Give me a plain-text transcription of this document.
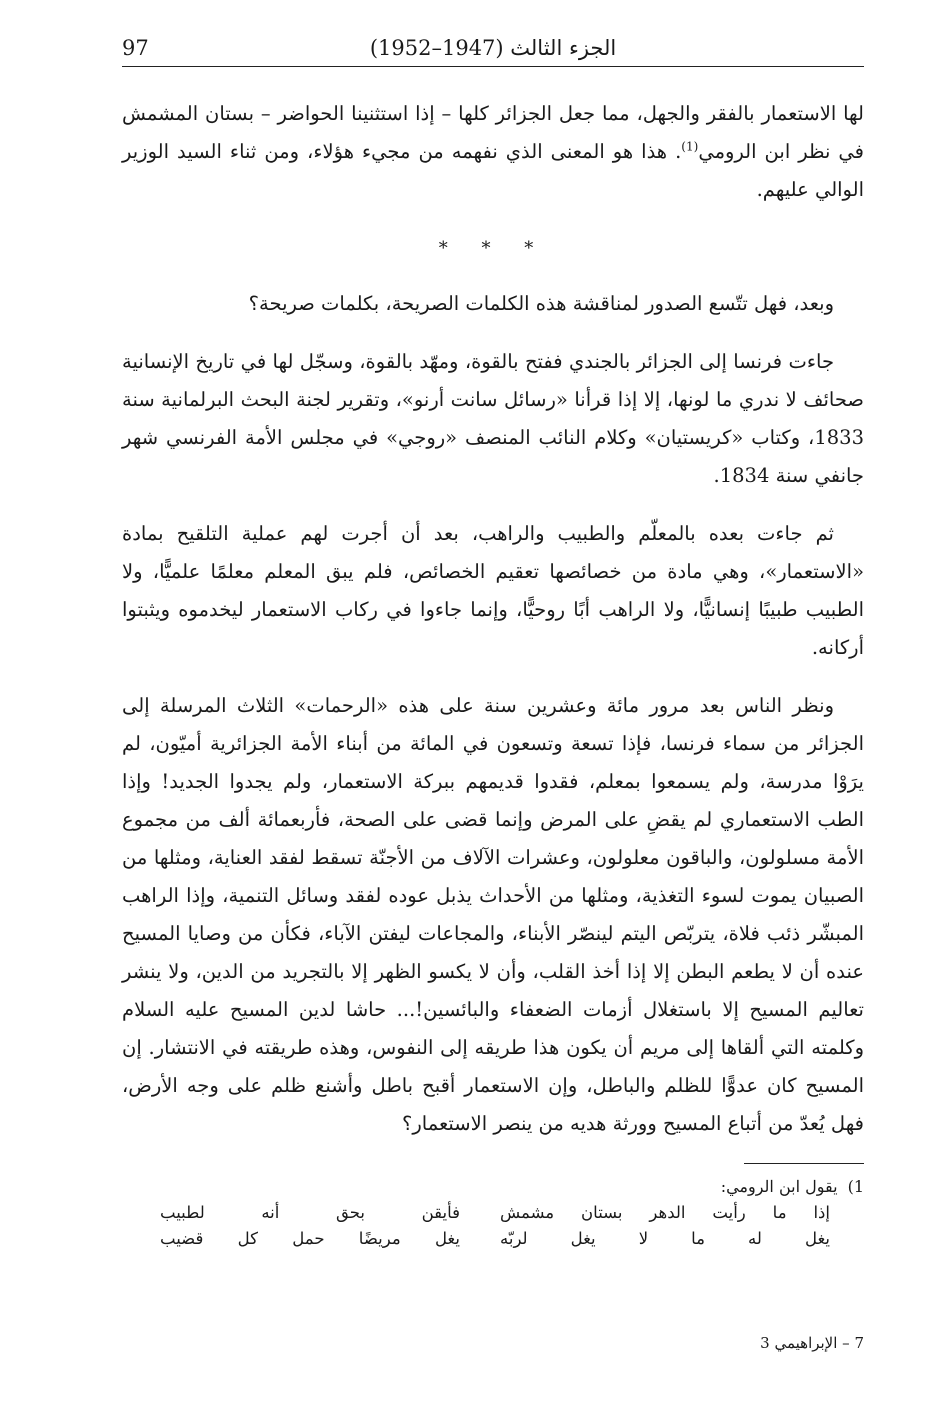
الجزء الثالث (1947–1952)
97

لها الاستعمار بالفقر والجهل، مما جعل الجزائر كلها – إذا استثنينا الحواضر – بستان المشمش في نظر ابن الرومي$^{(1)}$. هذا هو المعنى الذي نفهمه من مجيء هؤلاء، ومن ثناء السيد الوزير الوالي عليهم.

* * *

وبعد، فهل تتّسع الصدور لمناقشة هذه الكلمات الصريحة، بكلمات صريحة؟

جاءت فرنسا إلى الجزائر بالجندي ففتح بالقوة، ومهّد بالقوة، وسجّل لها في تاريخ الإنسانية صحائف لا ندري ما لونها، إلا إذا قرأنا «رسائل سانت أرنو»، وتقرير لجنة البحث البرلمانية سنة 1833، وكتاب «كريستيان» وكلام النائب المنصف «روجي» في مجلس الأمة الفرنسي شهر جانفي سنة 1834.

ثم جاءت بعده بالمعلّم والطبيب والراهب، بعد أن أجرت لهم عملية التلقيح بمادة «الاستعمار»، وهي مادة من خصائصها تعقيم الخصائص، فلم يبق المعلم معلمًا علميًّا، ولا الطبيب طبيبًا إنسانيًّا، ولا الراهب أبًا روحيًّا، وإنما جاءوا في ركاب الاستعمار ليخدموه ويثبتوا أركانه.

ونظر الناس بعد مرور مائة وعشرين سنة على هذه «الرحمات» الثلاث المرسلة إلى الجزائر من سماء فرنسا، فإذا تسعة وتسعون في المائة من أبناء الأمة الجزائرية أميّون، لم يرَوْا مدرسة، ولم يسمعوا بمعلم، فقدوا قديمهم ببركة الاستعمار، ولم يجدوا الجديد! وإذا الطب الاستعماري لم يقضِ على المرض وإنما قضى على الصحة، فأربعمائة ألف من مجموع الأمة مسلولون، والباقون معلولون، وعشرات الآلاف من الأجنّة تسقط لفقد العناية، ومثلها من الصبيان يموت لسوء التغذية، ومثلها من الأحداث يذبل عوده لفقد وسائل التنمية، وإذا الراهب المبشّر ذئب فلاة، يتربّص اليتم لينصّر الأبناء، والمجاعات ليفتن الآباء، فكأن من وصايا المسيح عنده أن لا يطعم البطن إلا إذا أخذ القلب، وأن لا يكسو الظهر إلا بالتجريد من الدين، ولا ينشر تعاليم المسيح إلا باستغلال أزمات الضعفاء والبائسين!... حاشا لدين المسيح عليه السلام وكلمته التي ألقاها إلى مريم أن يكون هذا طريقه إلى النفوس، وهذه طريقته في الانتشار. إن المسيح كان عدوًّا للظلم والباطل، وإن الاستعمار أقبح باطل وأشنع ظلم على وجه الأرض، فهل يُعدّ من أتباع المسيح وورثة هديه من ينصر الاستعمار؟

1)
يقول ابن الرومي:
إذا ما رأيت الدهر بستان مشمش
فأيقن بحق أنه لطبيب
يغل له ما لا يغل لربّه
يغل مريضًا حمل كل قضيب
7 – الإبراهيمي 3
